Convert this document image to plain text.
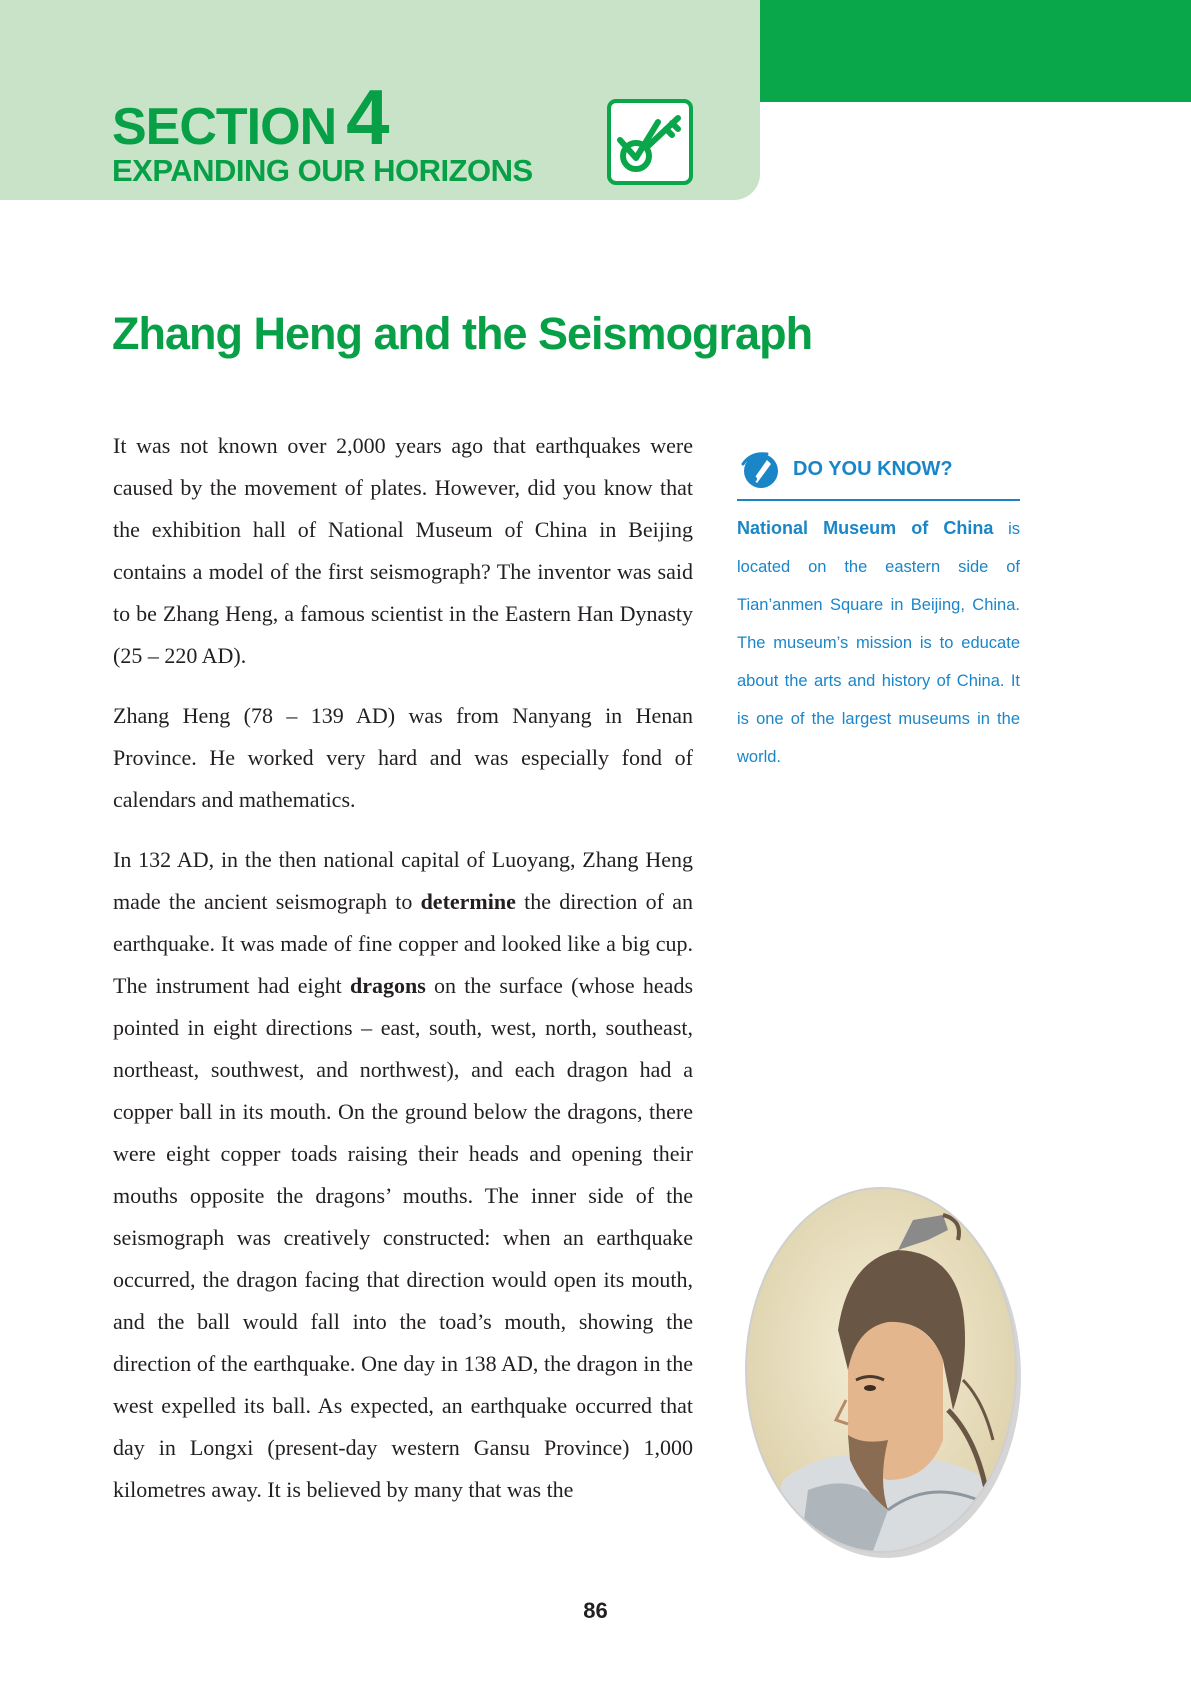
SECTION 4
EXPANDING OUR HORIZONS
Zhang Heng and the Seismograph

It was not known over 2,000 years ago that earthquakes were caused by the movement of plates. However, did you know that the exhibition hall of National Museum of China in Beijing contains a model of the first seismograph? The inventor was said to be Zhang Heng, a famous scientist in the Eastern Han Dynasty (25 – 220 AD).

Zhang Heng (78 – 139 AD) was from Nanyang in Henan Province. He worked very hard and was especially fond of calendars and mathematics.

In 132 AD, in the then national capital of Luoyang, Zhang Heng made the ancient seismograph to determine the direction of an earthquake. It was made of fine copper and looked like a big cup. The instrument had eight dragons on the surface (whose heads pointed in eight directions – east, south, west, north, southeast, northeast, southwest, and northwest), and each dragon had a copper ball in its mouth. On the ground below the dragons, there were eight copper toads raising their heads and opening their mouths opposite the dragons’ mouths. The inner side of the seismograph was creatively constructed: when an earthquake occurred, the dragon facing that direction would open its mouth, and the ball would fall into the toad’s mouth, showing the direction of the earthquake. One day in 138 AD, the dragon in the west expelled its ball. As expected, an earthquake occurred that day in Longxi (present-day western Gansu Province) 1,000 kilometres away. It is believed by many that was the

DO YOU KNOW?

National Museum of China is located on the eastern side of Tian’anmen Square in Beijing, China. The museum’s mission is to educate about the arts and history of China. It is one of the largest museums in the world.

86
